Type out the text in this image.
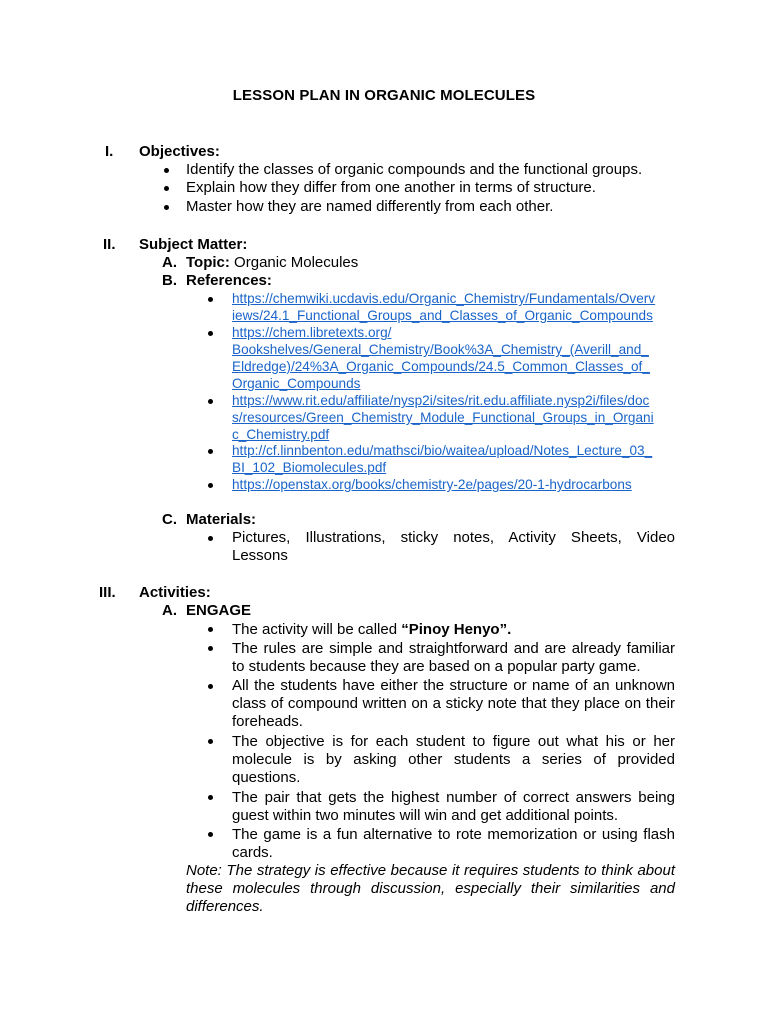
LESSON PLAN IN ORGANIC MOLECULES
I. Objectives:
Identify the classes of organic compounds and the functional groups.
Explain how they differ from one another in terms of structure.
Master how they are named differently from each other.
II. Subject Matter:
A. Topic: Organic Molecules
B. References:
https://chemwiki.ucdavis.edu/Organic_Chemistry/Fundamentals/Overv
iews/24.1_Functional_Groups_and_Classes_of_Organic_Compounds
https://chem.libretexts.org/
Bookshelves/General_Chemistry/Book%3A_Chemistry_(Averill_and_
Eldredge)/24%3A_Organic_Compounds/24.5_Common_Classes_of_
Organic_Compounds
https://www.rit.edu/affiliate/nysp2i/sites/rit.edu.affiliate.nysp2i/files/doc
s/resources/Green_Chemistry_Module_Functional_Groups_in_Organi
c_Chemistry.pdf
http://cf.linnbenton.edu/mathsci/bio/waitea/upload/Notes_Lecture_03_
BI_102_Biomolecules.pdf
https://openstax.org/books/chemistry-2e/pages/20-1-hydrocarbons
C. Materials:
Pictures, Illustrations, sticky notes, Activity Sheets, Video
Lessons
III. Activities:
A. ENGAGE
The activity will be called “Pinoy Henyo”.
The rules are simple and straightforward and are already familiar
to students because they are based on a popular party game.
All the students have either the structure or name of an unknown
class of compound written on a sticky note that they place on their
foreheads.
The objective is for each student to figure out what his or her
molecule is by asking other students a series of provided
questions.
The pair that gets the highest number of correct answers being
guest within two minutes will win and get additional points.
The game is a fun alternative to rote memorization or using flash
cards.
Note: The strategy is effective because it requires students to think about
these molecules through discussion, especially their similarities and
differences.
